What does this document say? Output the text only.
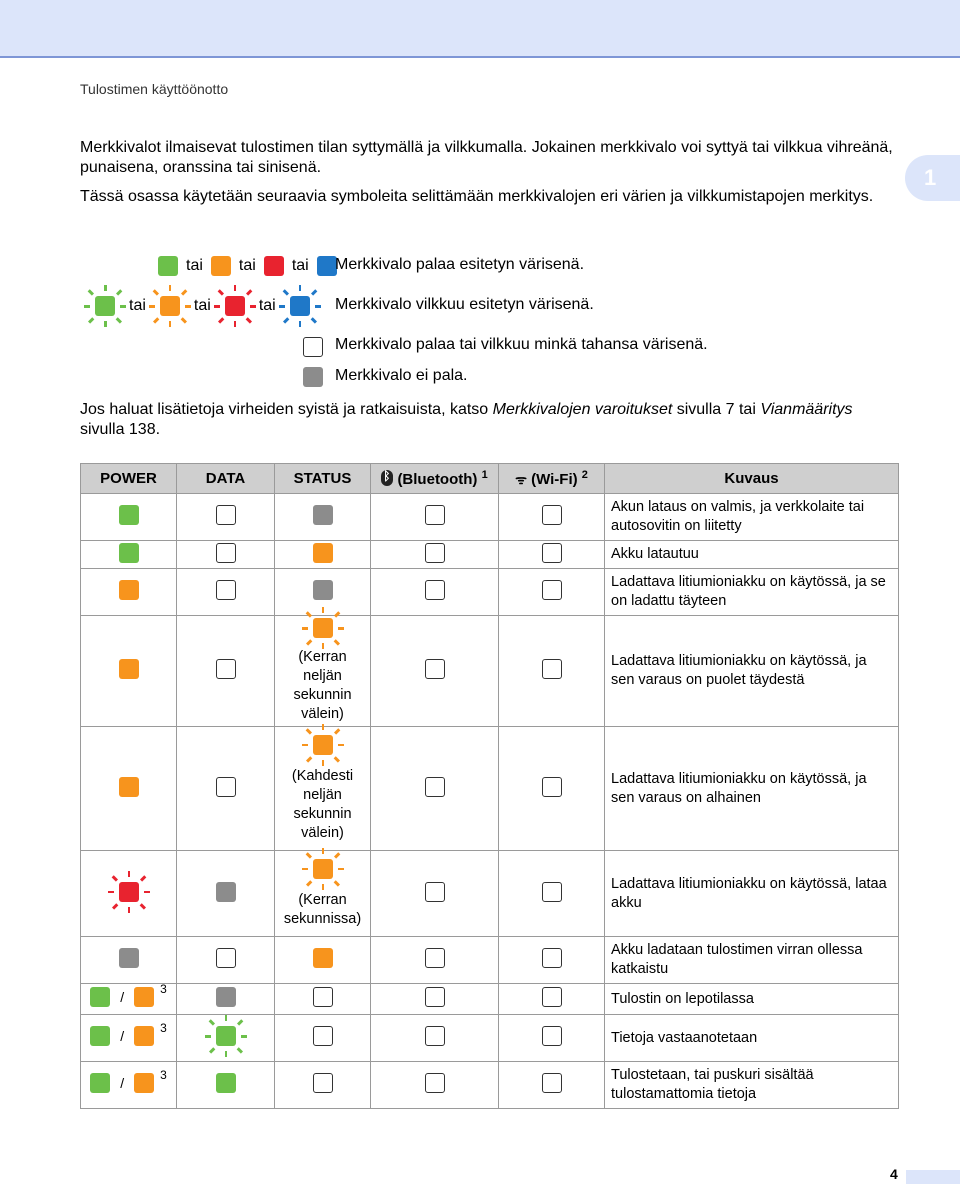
Tulostimen käyttöönotto
1
Merkkivalot ilmaisevat tulostimen tilan syttymällä ja vilkkumalla. Jokainen merkkivalo voi syttyä tai vilkkua vihreänä, punaisena, oranssina tai sinisenä.
Tässä osassa käytetään seuraavia symboleita selittämään merkkivalojen eri värien ja vilkkumistapojen merkitys.
tai tai tai Merkkivalo palaa esitetyn värisenä.
tai	tai	tai	Merkkivalo vilkkuu esitetyn värisenä.
Merkkivalo palaa tai vilkkuu minkä tahansa värisenä.
Merkkivalo ei pala.
Jos haluat lisätietoja virheiden syistä ja ratkaisuista, katso Merkkivalojen varoitukset sivulla 7 tai Vianmääritys sivulla 138.
POWER	DATA	STATUS	ᛒ(Bluetooth) $^1$	ᯤ (Wi-Fi) $^2$	Kuvaus
					Akun lataus on valmis, ja verkkolaite tai autosovitin on liitetty
					Akku latautuu
					Ladattava litiumioniakku on käytössä, ja se on ladattu täyteen

		(Kerran neljän sekunnin välein)			Ladattava litiumioniakku on käytössä, ja sen varaus on puolet täydestä

		(Kahdesti neljän sekunnin välein)			Ladattava litiumioniakku on käytössä, ja sen varaus on alhainen

		(Kerran sekunnissa)			Ladattava litiumioniakku on käytössä, lataa akku
					Akku ladataan tulostimen virran ollessa katkaistu

/ 3					Tulostin on lepotilassa

/ 3					Tietoja vastaanotetaan

/ 3					Tulostetaan, tai puskuri sisältää tulostamattomia tietoja
4
